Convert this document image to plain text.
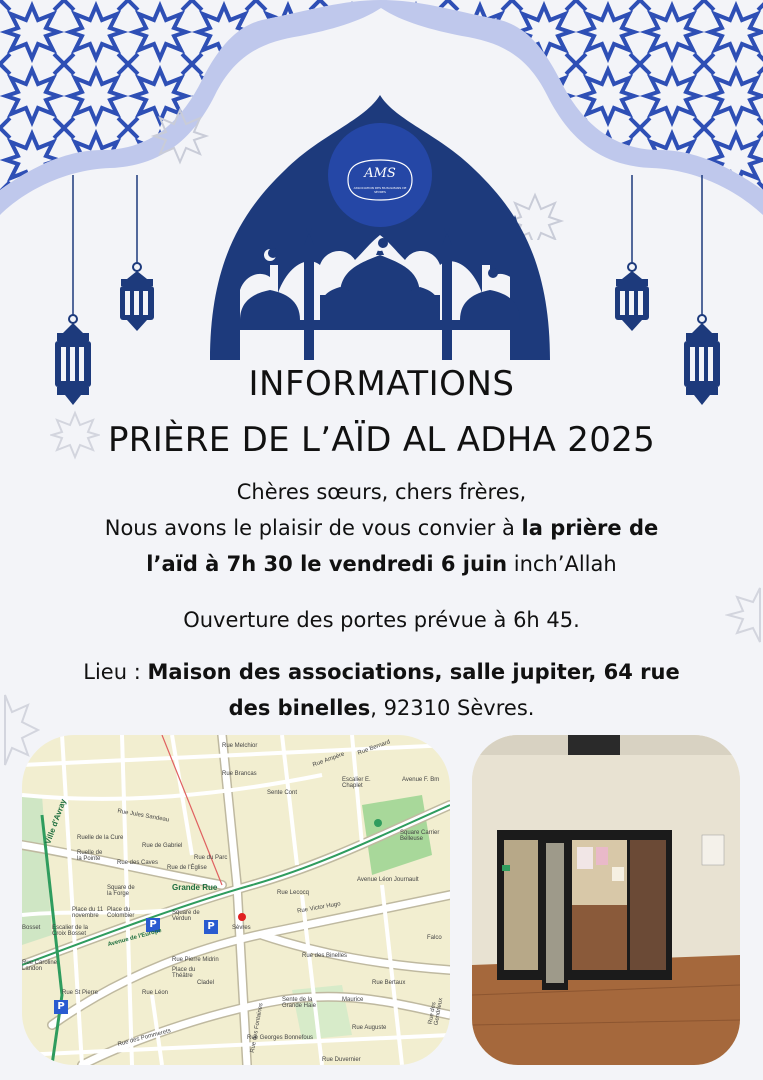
AMS
ASSOCIATION DES MUSULMANS DE SÈVRES
INFORMATIONS
PRIÈRE DE L’AÏD AL ADHA 2025
Chères sœurs, chers frères,
Nous avons le plaisir de vous convier à la prière de
l’aïd à 7h 30 le vendredi 6 juin inch’Allah
Ouverture des portes prévue à 6h 45.
Lieu : Maison des associations, salle jupiter, 64 rue
des binelles, 92310 Sèvres.
P	P
P
Rue Melchior
Rue Brancas
Rue Ampère
Rue Bernard
Escalier E. Chaplet
Avenue F. Bm
Sente Cont
Rue Jules Sandeau
Rue de Gabriel
Rue du Parc
Grande Rue
Ruelle de la Pointe
Ville d'Avray	Square Carrier Belleuse
Avenue Léon Journault
Rue Victor Hugo
Square de la Forge
Place du Colombier
Place du 11 novembre	Square de Verdun
Avenue de l'Europe
Rue Pierre Midrin
Place du Théâtre
Rue des Binelles
Escalier de la Croix Bosset
Bosset
Rue Caroline Landon
Rue St Pierre	Rue Léon
Cladel
Rue des Pommerets	Rue Georges Bonnefous
Rue Auguste
Rue des Fontaines
Sente de la Grande Haie
Maurice
Rue Duvernier
Falco
Ruelle de la Cure
Rue des Caves
Rue de l'Église
Sèvres
Rue Lecocq
Rue Bertaux
Rue des Gendrleux
